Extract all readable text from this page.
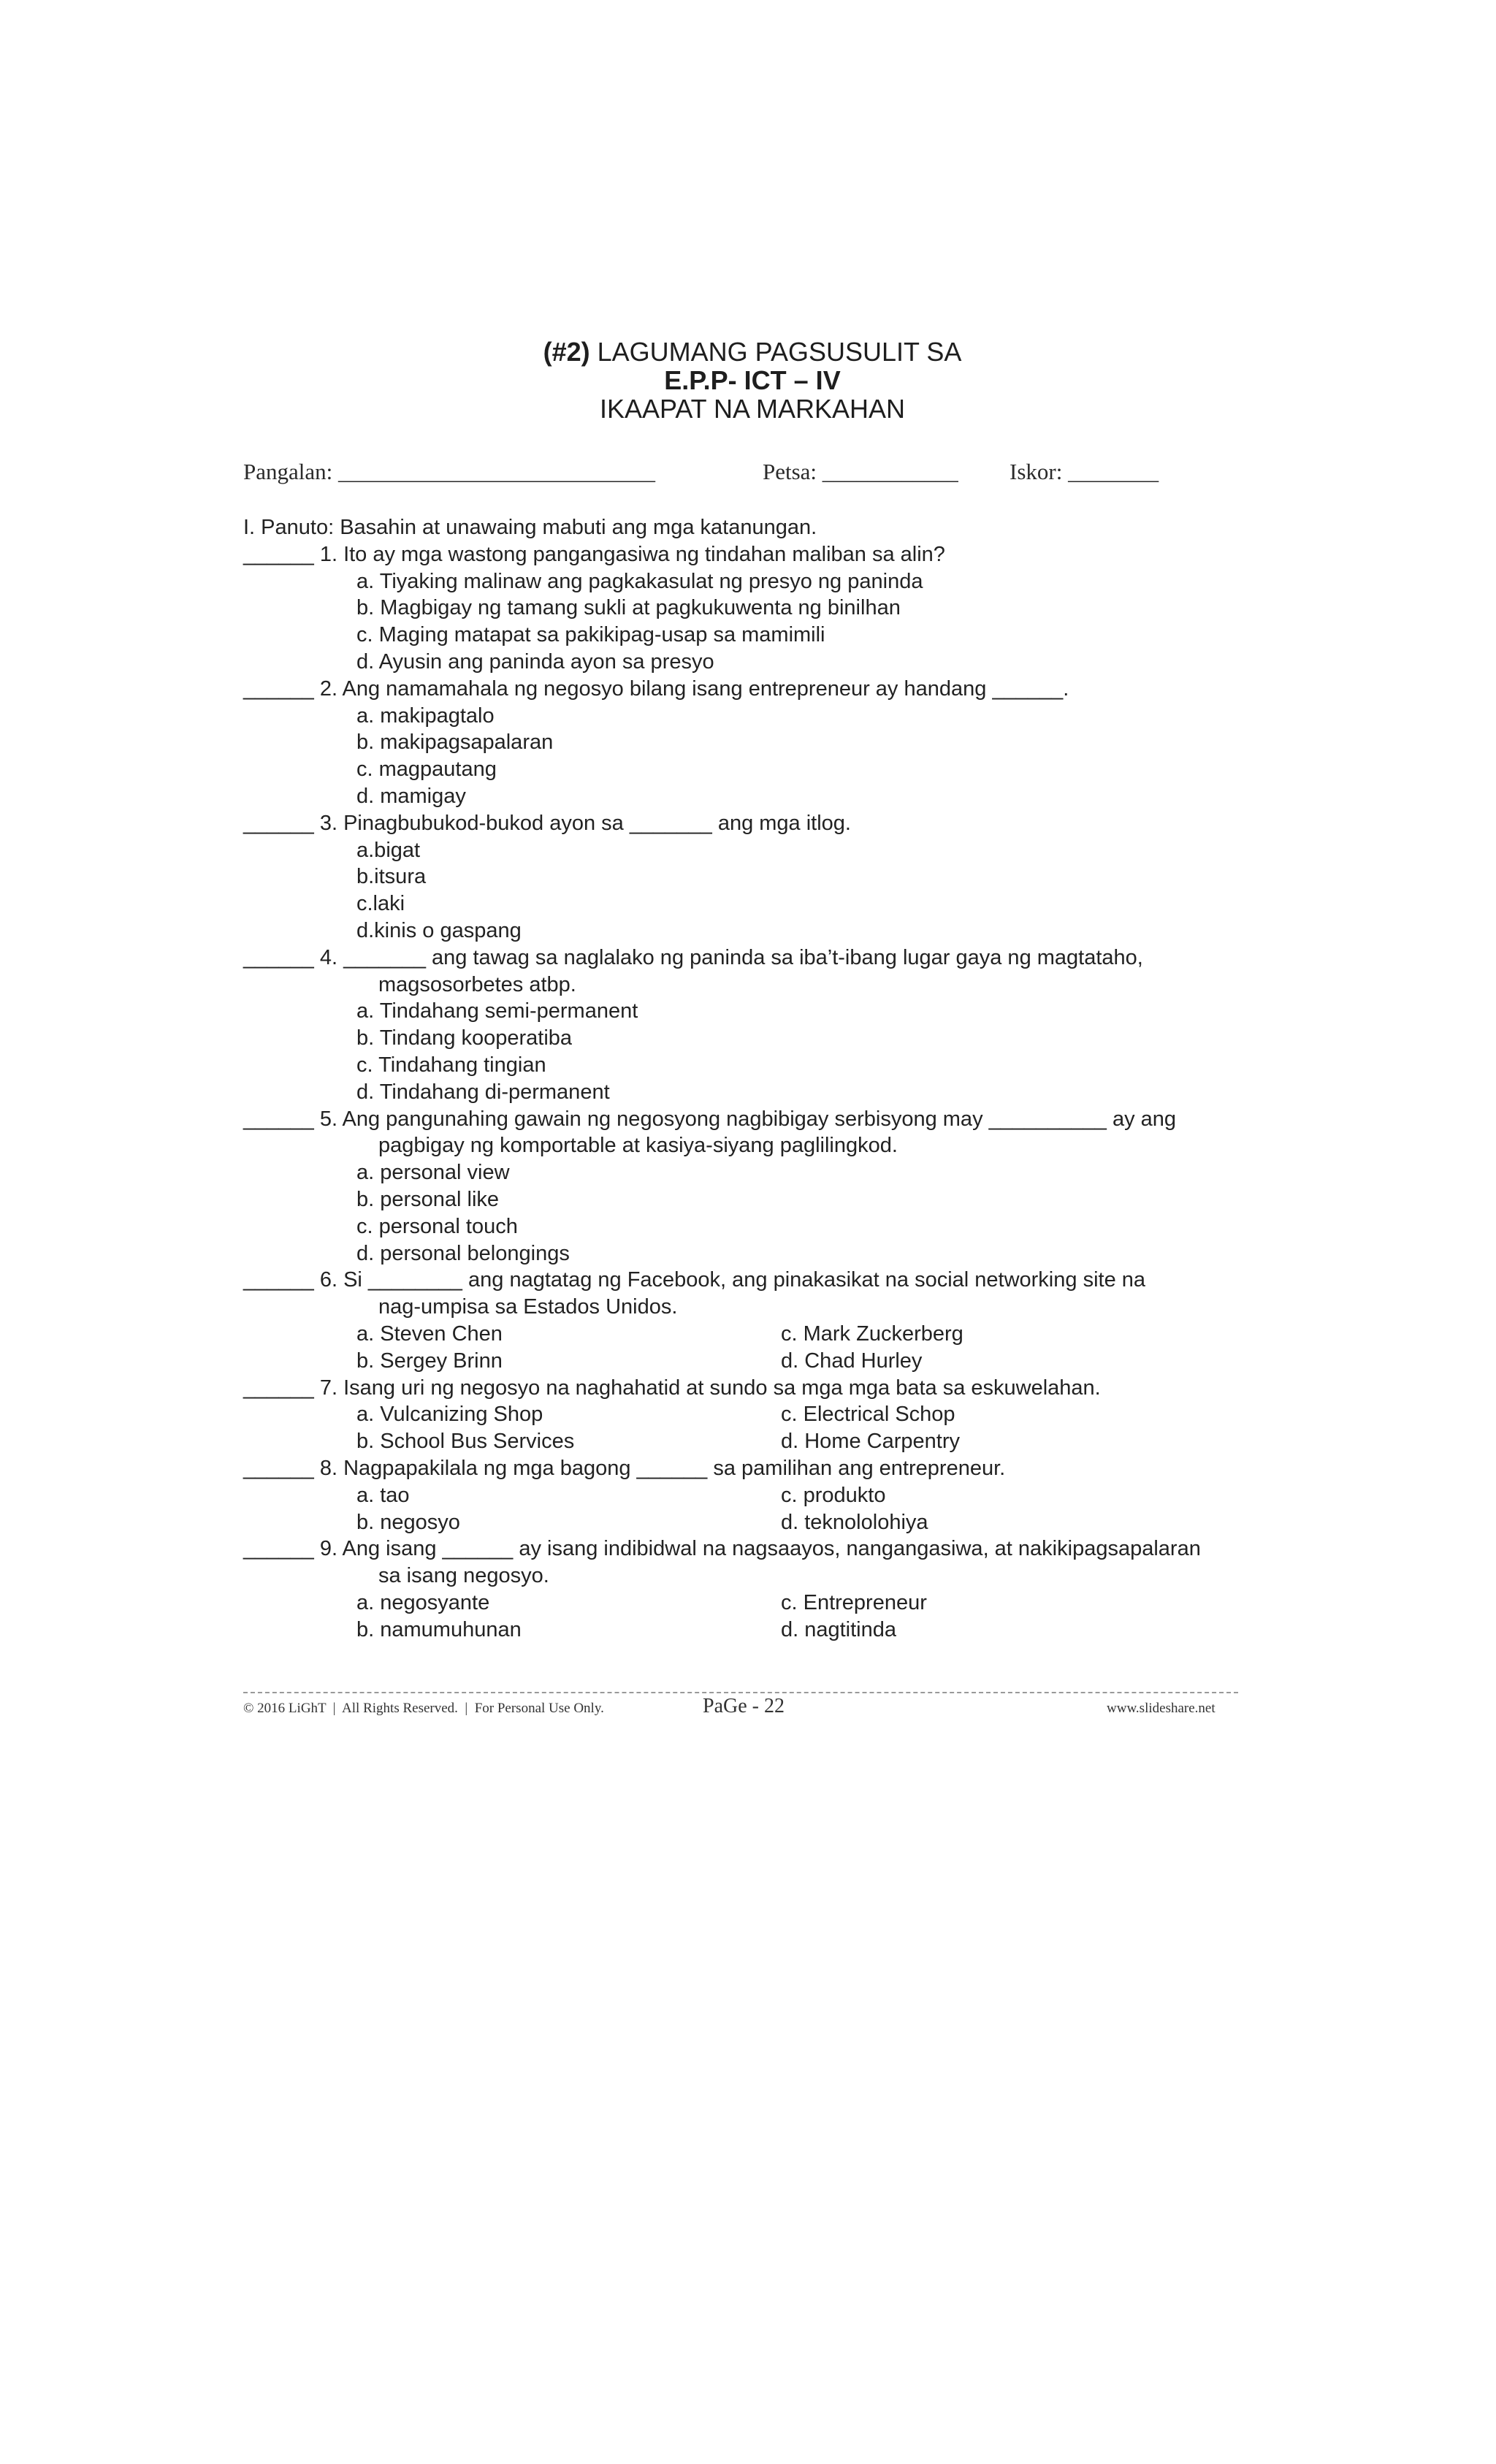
(#2) LAGUMANG PAGSUSULIT SA
E.P.P- ICT – IV
IKAAPAT NA MARKAHAN
Pangalan: ____________________________	Petsa: ____________ Iskor: ________
I. Panuto: Basahin at unawaing mabuti ang mga katanungan.
______ 1. Ito ay mga wastong pangangasiwa ng tindahan maliban sa alin?
a. Tiyaking malinaw ang pagkakasulat ng presyo ng paninda
b. Magbigay ng tamang sukli at pagkukuwenta ng binilhan
c. Maging matapat sa pakikipag-usap sa mamimili
d. Ayusin ang paninda ayon sa presyo
______ 2. Ang namamahala ng negosyo bilang isang entrepreneur ay handang ______.
a. makipagtalo
b. makipagsapalaran
c. magpautang
d. mamigay
______ 3. Pinagbubukod-bukod ayon sa _______ ang mga itlog.
a.bigat
b.itsura
c.laki
d.kinis o gaspang
______ 4. _______ ang tawag sa naglalako ng paninda sa iba’t-ibang lugar gaya ng magtataho,
magsosorbetes atbp.
a. Tindahang semi-permanent
b. Tindang kooperatiba
c. Tindahang tingian
d. Tindahang di-permanent
______ 5. Ang pangunahing gawain ng negosyong nagbibigay serbisyong may __________ ay ang
pagbigay ng komportable at kasiya-siyang paglilingkod.
a. personal view
b. personal like
c. personal touch
d. personal belongings
______ 6. Si ________ ang nagtatag ng Facebook, ang pinakasikat na social networking site na
nag-umpisa sa Estados Unidos.
a. Steven Chen	c. Mark Zuckerberg
b. Sergey Brinn	d. Chad Hurley
______ 7. Isang uri ng negosyo na naghahatid at sundo sa mga mga bata sa eskuwelahan.
a. Vulcanizing Shop	c. Electrical Schop
b. School Bus Services	d. Home Carpentry
______ 8. Nagpapakilala ng mga bagong ______ sa pamilihan ang entrepreneur.
a. tao	c. produkto
b. negosyo	d. teknololohiya
______ 9. Ang isang ______ ay isang indibidwal na nagsaayos, nangangasiwa, at nakikipagsapalaran
sa isang negosyo.
a. negosyante	c. Entrepreneur
b. namumuhunan	d. nagtitinda
© 2016 LiGhT  |  All Rights Reserved.  |  For Personal Use Only.	PaGe - 22	www.slideshare.net
